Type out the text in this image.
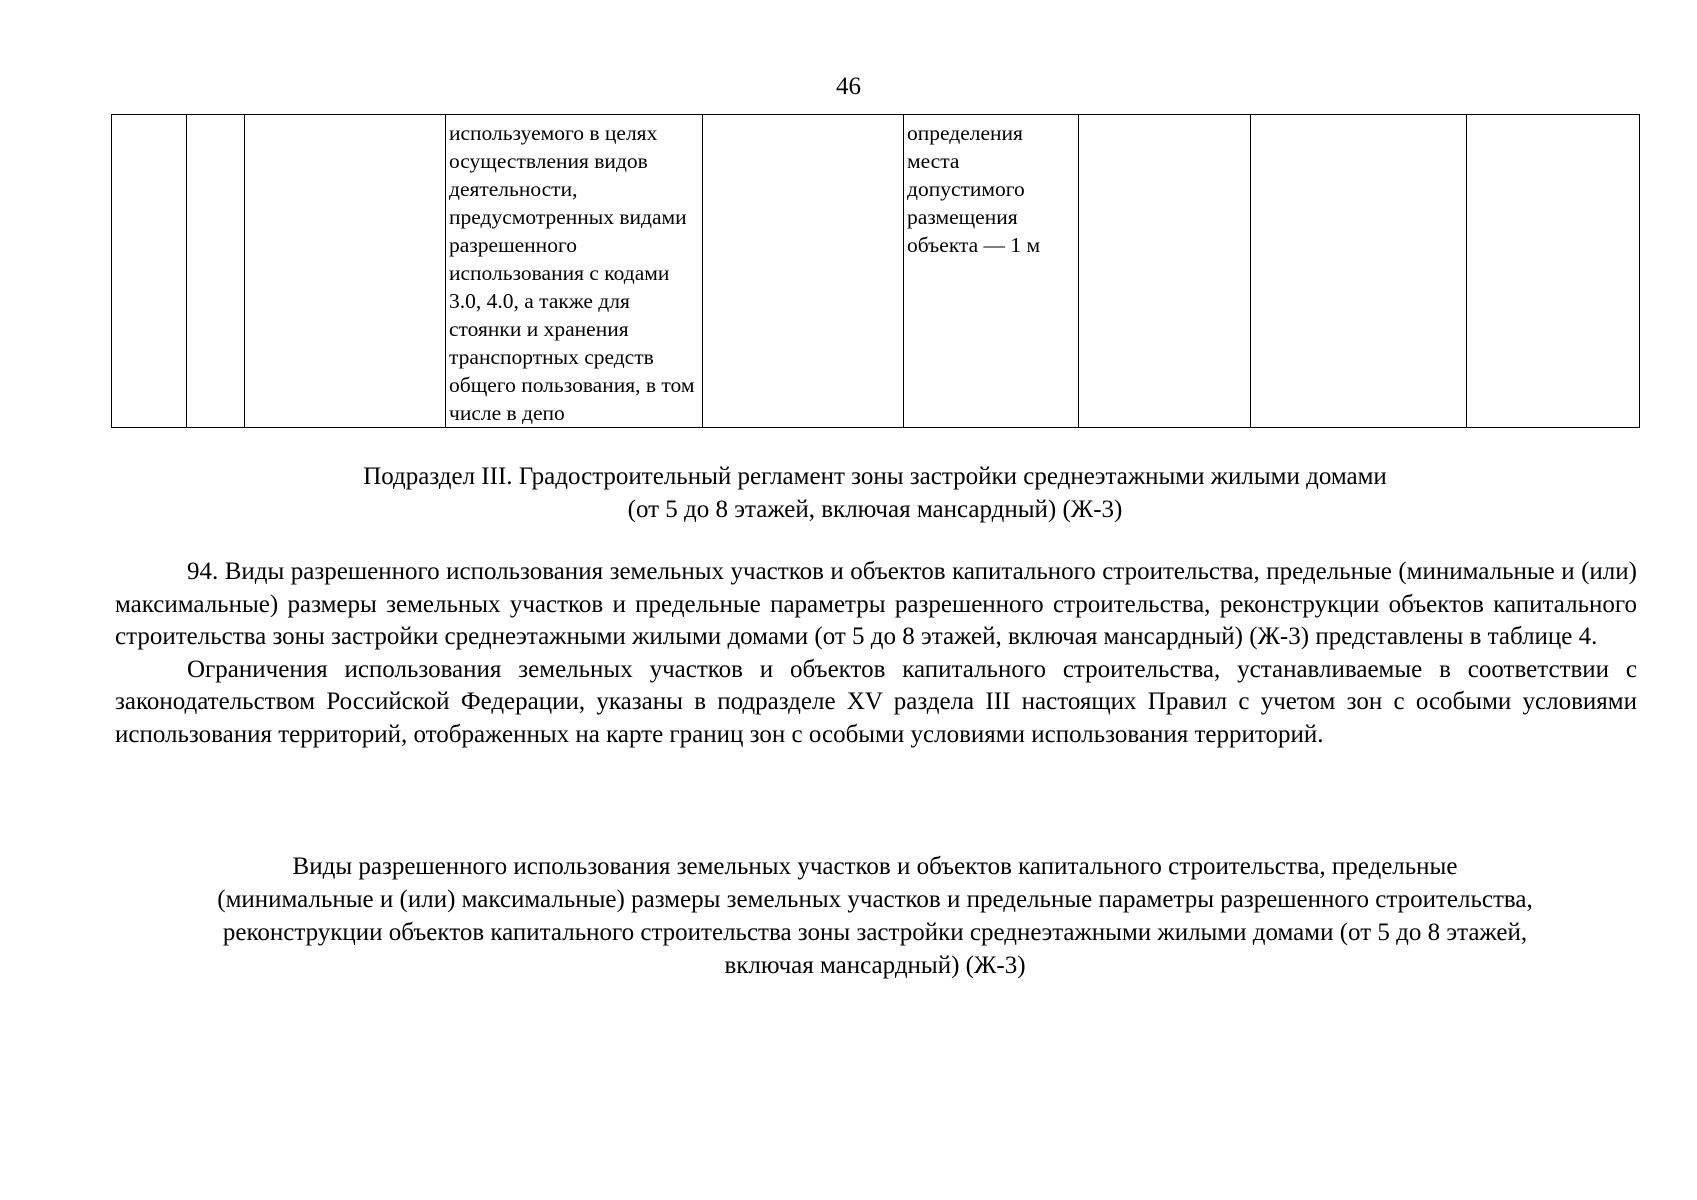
46
			используемого в целях осуществления видов деятельности, предусмотренных видами разрешенного использования с кодами 3.0, 4.0, а также для стоянки и хранения транспортных средств общего пользования, в том числе в депо		определения места допустимого размещения объекта — 1 м			
Подраздел III. Градостроительный регламент зоны застройки среднеэтажными жилыми домами
(от 5 до 8 этажей, включая мансардный) (Ж-3)

94. Виды разрешенного использования земельных участков и объектов капитального строительства, предельные (минимальные и (или) максимальные) размеры земельных участков и предельные параметры разрешенного строительства, реконструкции объектов капитального строительства зоны застройки среднеэтажными жилыми домами (от 5 до 8 этажей, включая мансардный) (Ж-3) представлены в таблице 4.

Ограничения использования земельных участков и объектов капитального строительства, устанавливаемые в соответствии с законодательством Российской Федерации, указаны в подразделе XV раздела III настоящих Правил с учетом зон с особыми условиями использования территорий, отображенных на карте границ зон с особыми условиями использования территорий.

Виды разрешенного использования земельных участков и объектов капитального строительства, предельные
(минимальные и (или) максимальные) размеры земельных участков и предельные параметры разрешенного строительства,
реконструкции объектов капитального строительства зоны застройки среднеэтажными жилыми домами (от 5 до 8 этажей,
включая мансардный) (Ж-3)
